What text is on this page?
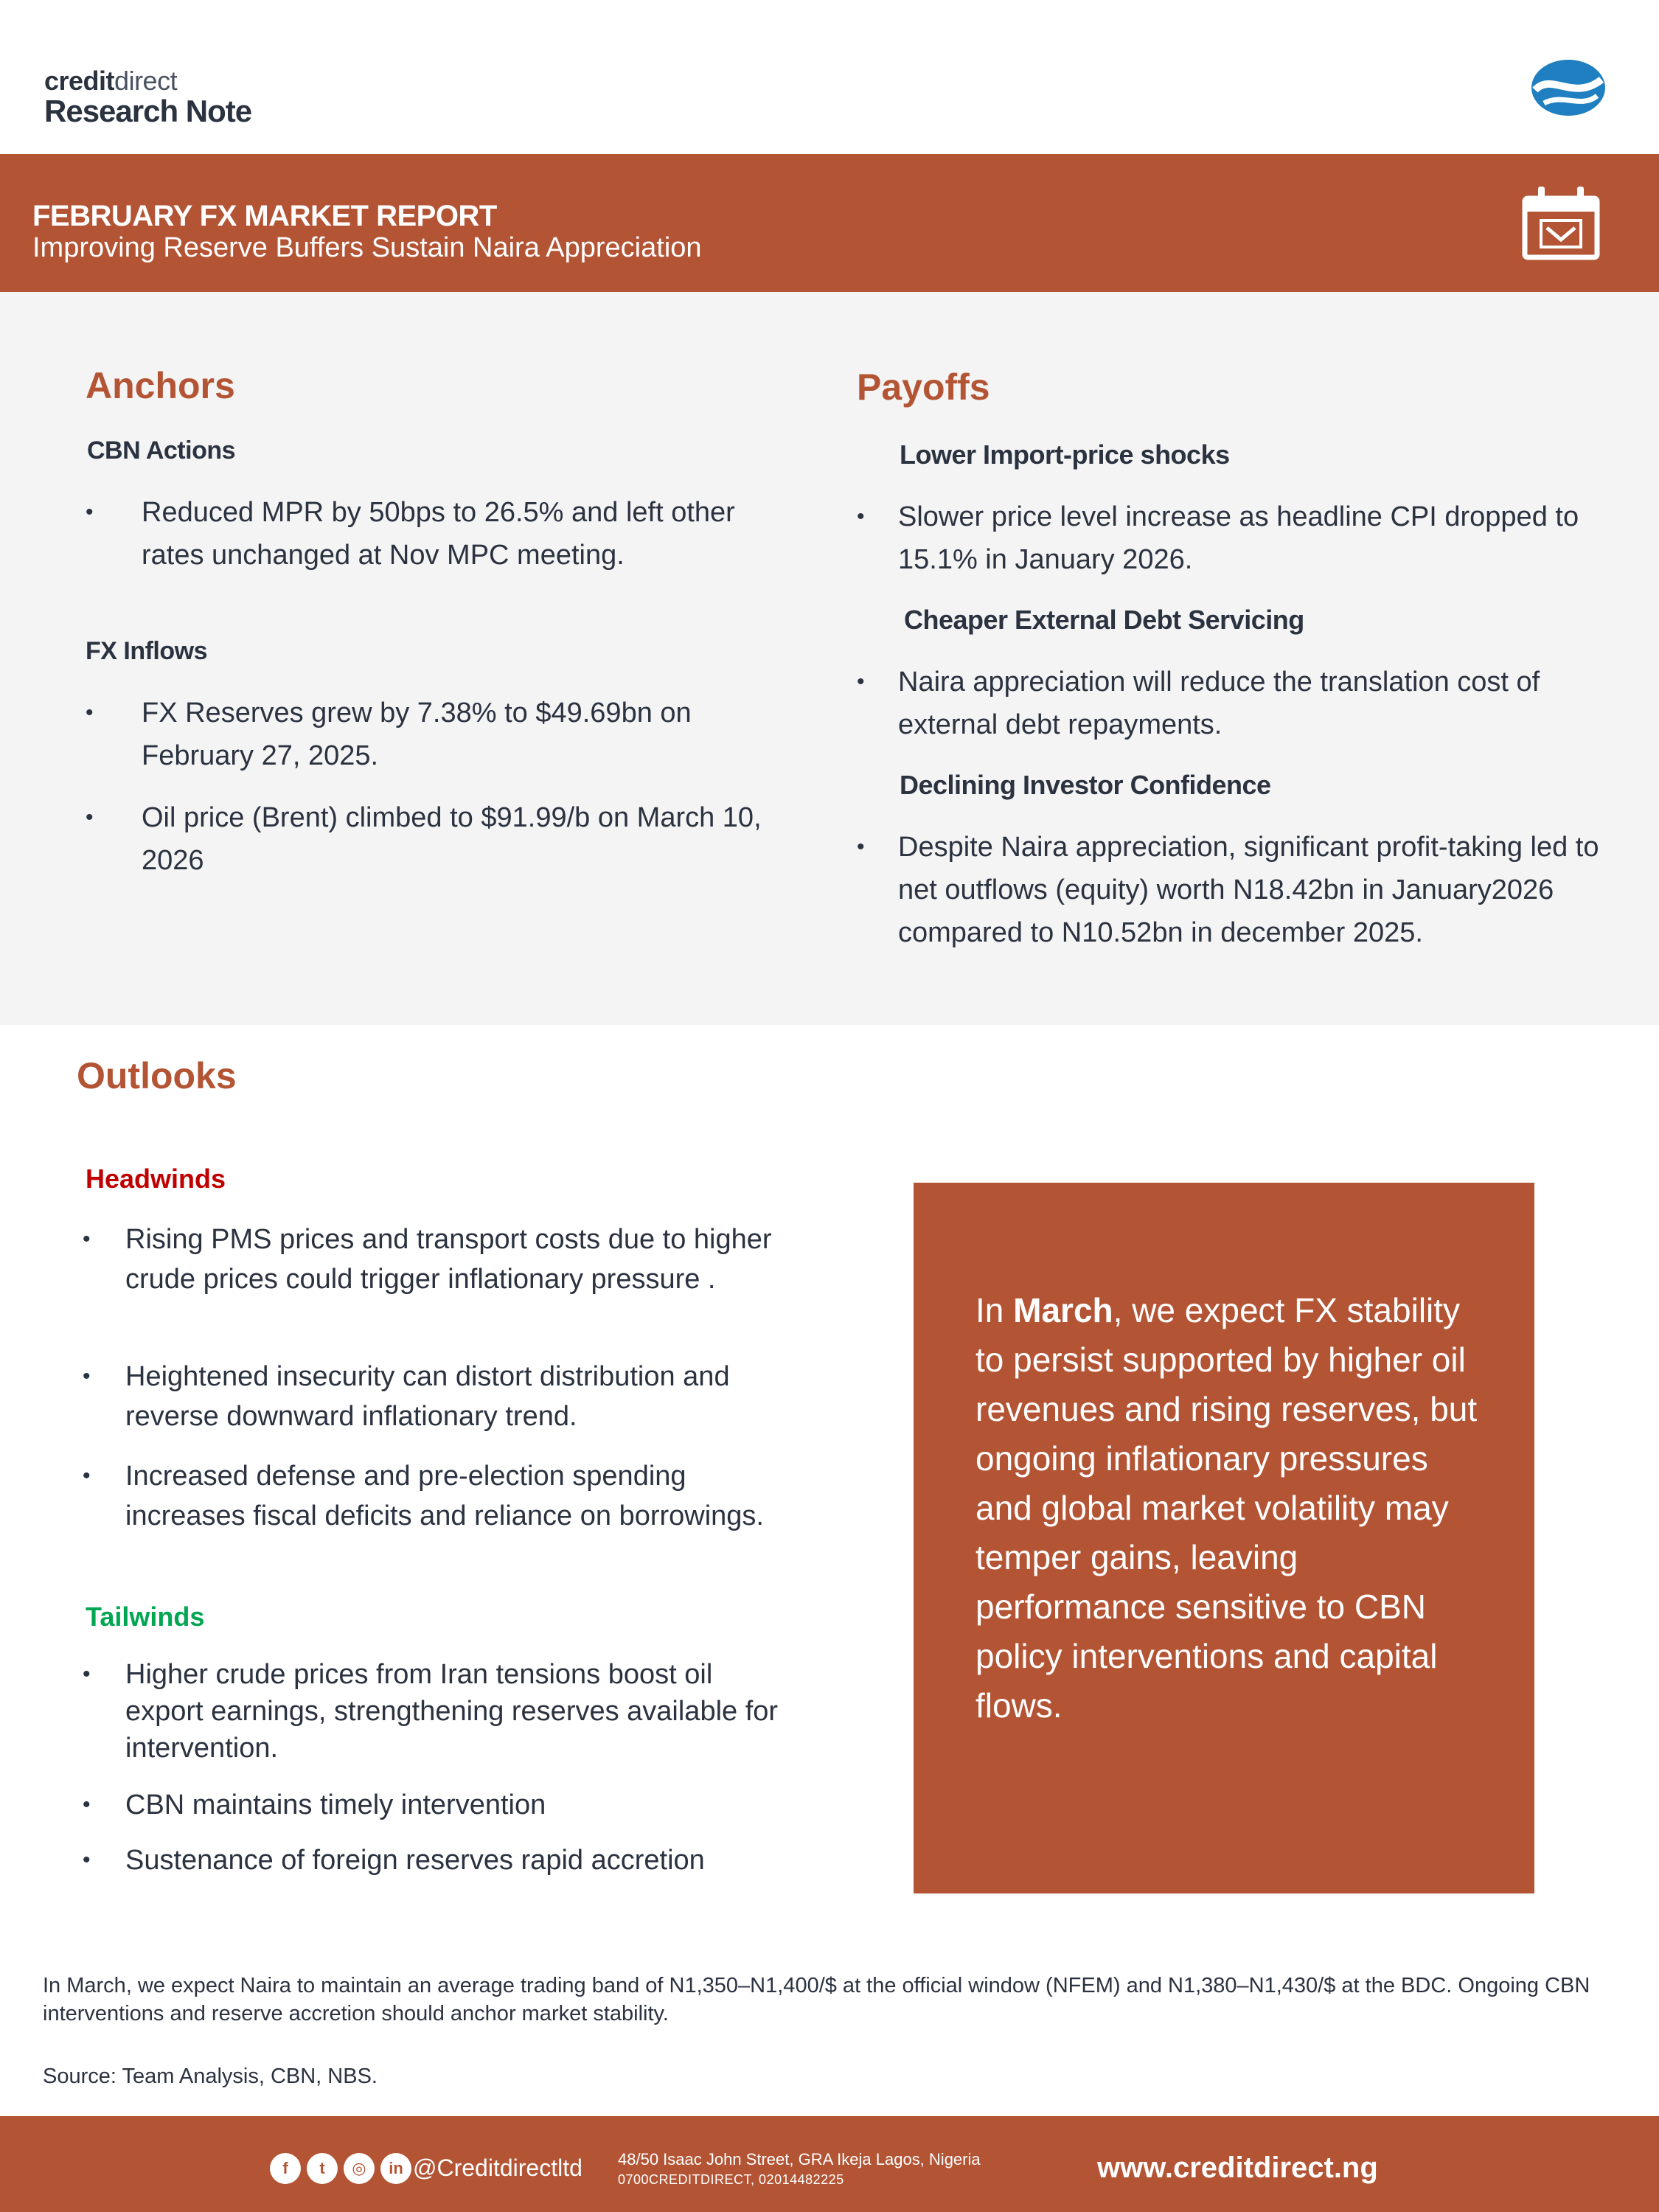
creditdirect
Research Note
FEBRUARY FX MARKET REPORT
Improving Reserve Buffers Sustain Naira Appreciation
Anchors
CBN Actions
•	Reduced MPR by 50bps to 26.5% and left other rates unchanged at Nov MPC meeting.
FX Inflows
•	FX Reserves grew by 7.38% to $49.69bn on February 27, 2025.
•	Oil price (Brent) climbed to $91.99/b on March 10, 2026
Payoffs
Lower Import-price shocks
•	Slower price level increase as headline CPI dropped to 15.1% in January 2026.
Cheaper External Debt Servicing
•	Naira appreciation will reduce the translation cost of external debt repayments.
Declining Investor Confidence
•	Despite Naira appreciation, significant profit-taking led to net outflows (equity) worth N18.42bn in January2026 compared to N10.52bn in december 2025.
Outlooks
Headwinds
•	Rising PMS prices and transport costs due to higher crude prices could trigger inflationary pressure .
•	Heightened insecurity can distort distribution and reverse downward inflationary trend.
•	Increased defense and pre-election spending increases fiscal deficits and reliance on borrowings.
Tailwinds
•	Higher crude prices from Iran tensions boost oil export earnings, strengthening reserves available for intervention.
•	CBN maintains timely intervention
•	Sustenance of foreign reserves rapid accretion
In March, we expect FX stability to persist supported by higher oil revenues and rising reserves, but ongoing inflationary pressures and global market volatility may temper gains, leaving performance sensitive to CBN policy interventions and capital flows.
In March, we expect Naira to maintain an average trading band of N1,350–N1,400/$ at the official window (NFEM) and N1,380–N1,430/$ at the BDC. Ongoing CBN interventions and reserve accretion should anchor market stability.
Source: Team Analysis, CBN, NBS.
f	t	◎	in @Creditdirectltd 48/50 Isaac John Street, GRA Ikeja Lagos, Nigeria
0700CREDITDIRECT, 02014482225	www.creditdirect.ng
